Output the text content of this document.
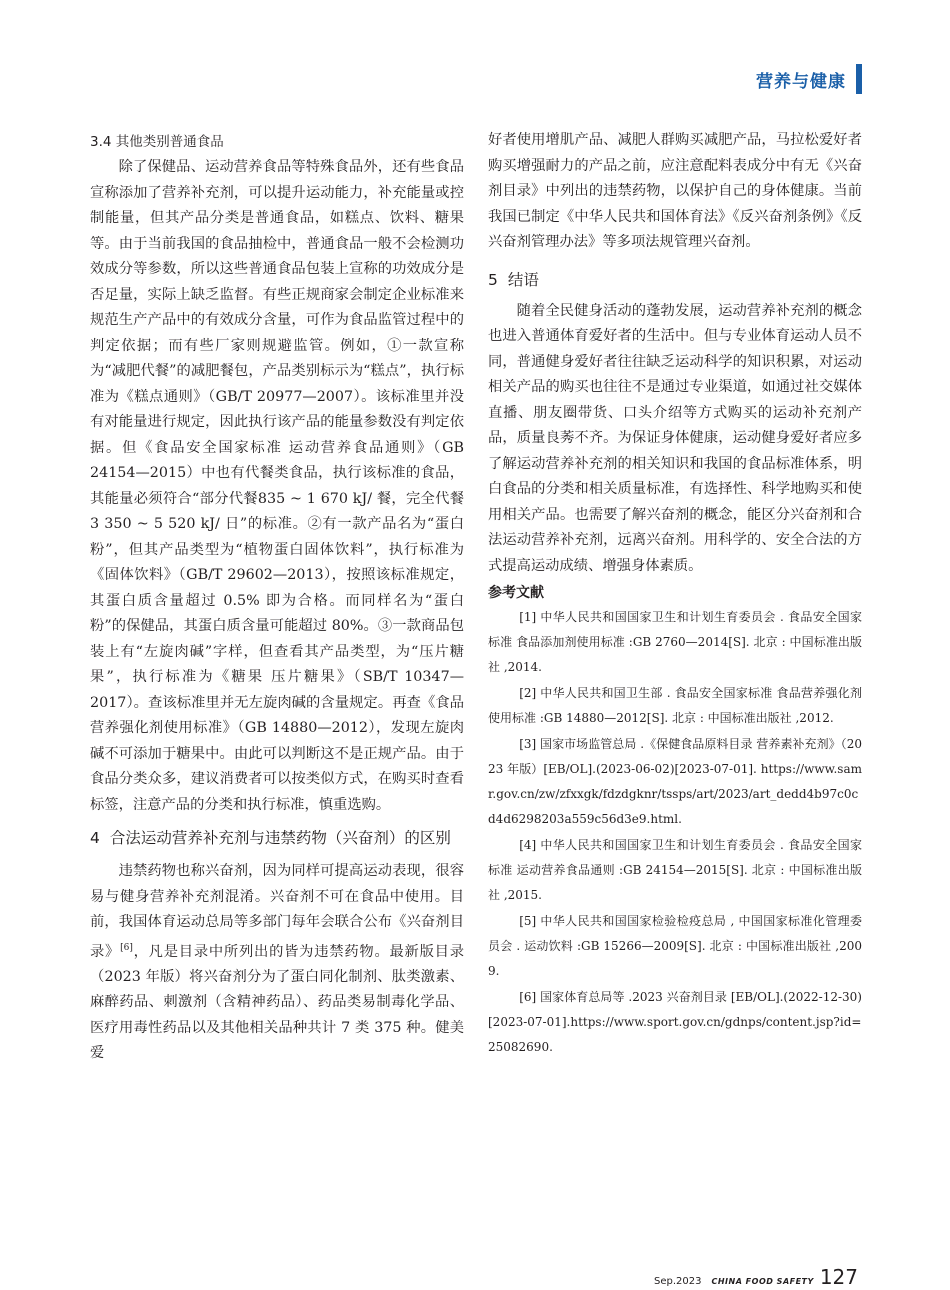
营养与健康
3.4 其他类别普通食品

除了保健品、运动营养食品等特殊食品外，还有些食品宣称添加了营养补充剂，可以提升运动能力，补充能量或控制能量，但其产品分类是普通食品，如糕点、饮料、糖果等。由于当前我国的食品抽检中，普通食品一般不会检测功效成分等参数，所以这些普通食品包装上宣称的功效成分是否足量，实际上缺乏监督。有些正规商家会制定企业标准来规范生产产品中的有效成分含量，可作为食品监管过程中的判定依据；而有些厂家则规避监管。例如，①一款宣称为“减肥代餐”的减肥餐包，产品类别标示为“糕点”，执行标准为《糕点通则》（GB/T 20977—2007）。该标准里并没有对能量进行规定，因此执行该产品的能量参数没有判定依据。但《食品安全国家标准 运动营养食品通则》（GB 24154—2015）中也有代餐类食品，执行该标准的食品，其能量必须符合“部分代餐835 ~ 1 670 kJ/ 餐，完全代餐 3 350 ~ 5 520 kJ/ 日”的标准。②有一款产品名为“蛋白粉”，但其产品类型为“植物蛋白固体饮料”，执行标准为《固体饮料》（GB/T 29602—2013），按照该标准规定，其蛋白质含量超过 0.5% 即为合格。而同样名为“蛋白粉”的保健品，其蛋白质含量可能超过 80%。③一款商品包装上有“左旋肉碱”字样，但查看其产品类型，为“压片糖果”，执行标准为《糖果 压片糖果》（SB/T 10347—2017）。查该标准里并无左旋肉碱的含量规定。再查《食品营养强化剂使用标准》（GB 14880—2012），发现左旋肉碱不可添加于糖果中。由此可以判断这不是正规产品。由于食品分类众多，建议消费者可以按类似方式，在购买时查看标签，注意产品的分类和执行标准，慎重选购。

4 合法运动营养补充剂与违禁药物（兴奋剂）的区别

违禁药物也称兴奋剂，因为同样可提高运动表现，很容易与健身营养补充剂混淆。兴奋剂不可在食品中使用。目前，我国体育运动总局等多部门每年会联合公布《兴奋剂目录》[6]，凡是目录中所列出的皆为违禁药物。最新版目录（2023 年版）将兴奋剂分为了蛋白同化制剂、肽类激素、麻醉药品、刺激剂（含精神药品）、药品类易制毒化学品、医疗用毒性药品以及其他相关品种共计 7 类 375 种。健美爱

好者使用增肌产品、减肥人群购买减肥产品，马拉松爱好者购买增强耐力的产品之前，应注意配料表成分中有无《兴奋剂目录》中列出的违禁药物，以保护自己的身体健康。当前我国已制定《中华人民共和国体育法》《反兴奋剂条例》《反兴奋剂管理办法》等多项法规管理兴奋剂。

5 结语

随着全民健身活动的蓬勃发展，运动营养补充剂的概念也进入普通体育爱好者的生活中。但与专业体育运动人员不同，普通健身爱好者往往缺乏运动科学的知识积累，对运动相关产品的购买也往往不是通过专业渠道，如通过社交媒体直播、朋友圈带货、口头介绍等方式购买的运动补充剂产品，质量良莠不齐。为保证身体健康，运动健身爱好者应多了解运动营养补充剂的相关知识和我国的食品标准体系，明白食品的分类和相关质量标准，有选择性、科学地购买和使用相关产品。也需要了解兴奋剂的概念，能区分兴奋剂和合法运动营养补充剂，远离兴奋剂。用科学的、安全合法的方式提高运动成绩、增强身体素质。

参考文献

[1] 中华人民共和国国家卫生和计划生育委员会 . 食品安全国家标准 食品添加剂使用标准 :GB 2760—2014[S]. 北京 : 中国标准出版社 ,2014.

[2] 中华人民共和国卫生部 . 食品安全国家标准 食品营养强化剂使用标准 :GB 14880—2012[S]. 北京 : 中国标准出版社 ,2012.

[3] 国家市场监管总局 .《保健食品原料目录 营养素补充剂》（2023 年版）[EB/OL].(2023-06-02)[2023-07-01]. https://www.samr.gov.cn/zw/zfxxgk/fdzdgknr/tssps/art/2023/art_dedd4b97c0cd4d6298203a559c56d3e9.html.

[4] 中华人民共和国国家卫生和计划生育委员会 . 食品安全国家标准 运动营养食品通则 :GB 24154—2015[S]. 北京 : 中国标准出版社 ,2015.

[5] 中华人民共和国国家检验检疫总局 , 中国国家标准化管理委员会 . 运动饮料 :GB 15266—2009[S]. 北京 : 中国标准出版社 ,2009.

[6] 国家体育总局等 .2023 兴奋剂目录 [EB/OL].(2022-12-30)[2023-07-01].https://www.sport.gov.cn/gdnps/content.jsp?id=25082690.

Sep.2023 CHINA FOOD SAFETY 127
